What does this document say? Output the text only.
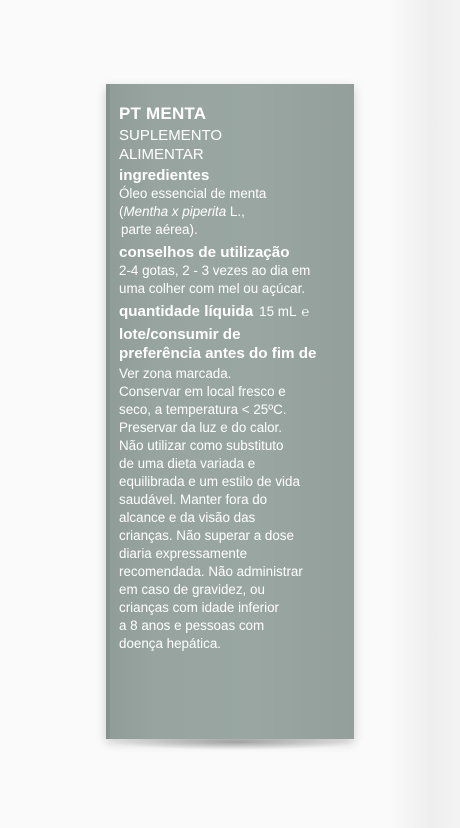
PT MENTA

SUPLEMENTO

ALIMENTAR

ingredientes

Óleo essencial de menta

(Mentha x piperita L.,

parte aérea).

conselhos de utilização

2-4 gotas, 2 - 3 vezes ao dia em

uma colher com mel ou açúcar.

quantidade líquida 15 mL ℮

lote/consumir de

preferência antes do fim de

Ver zona marcada.

Conservar em local fresco e

seco, a temperatura < 25ºC.

Preservar da luz e do calor.

Não utilizar como substituto

de uma dieta variada e

equilibrada e um estilo de vida

saudável. Manter fora do

alcance e da visão das

crianças. Não superar a dose

diaria expressamente

recomendada. Não administrar

em caso de gravidez, ou

crianças com idade inferior

a 8 anos e pessoas com

doença hepática.
